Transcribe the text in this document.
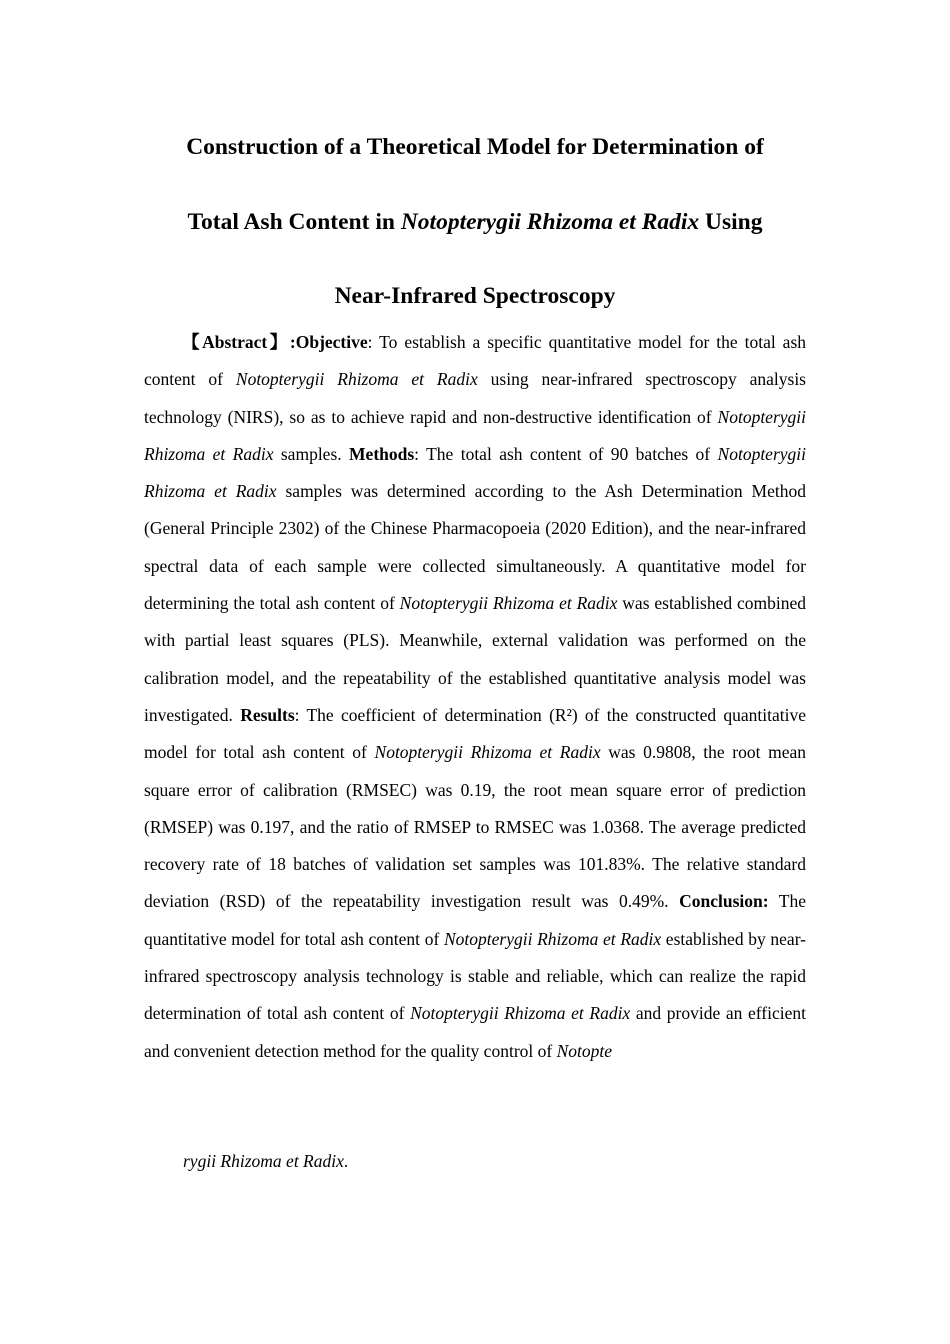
Construction of a Theoretical Model for Determination of
Total Ash Content in Notopterygii Rhizoma et Radix Using
Near-Infrared Spectroscopy

【Abstract】:Objective: To establish a specific quantitative model for the total ash content of Notopterygii Rhizoma et Radix using near-infrared spectroscopy analysis technology (NIRS), so as to achieve rapid and non-destructive identification of Notopterygii Rhizoma et Radix samples. Methods: The total ash content of 90 batches of Notopterygii Rhizoma et Radix samples was determined according to the Ash Determination Method (General Principle 2302) of the Chinese Pharmacopoeia (2020 Edition), and the near-infrared spectral data of each sample were collected simultaneously. A quantitative model for determining the total ash content of Notopterygii Rhizoma et Radix was established combined with partial least squares (PLS). Meanwhile, external validation was performed on the calibration model, and the repeatability of the established quantitative analysis model was investigated. Results: The coefficient of determination (R²) of the constructed quantitative model for total ash content of Notopterygii Rhizoma et Radix was 0.9808, the root mean square error of calibration (RMSEC) was 0.19, the root mean square error of prediction (RMSEP) was 0.197, and the ratio of RMSEP to RMSEC was 1.0368. The average predicted recovery rate of 18 batches of validation set samples was 101.83%. The relative standard deviation (RSD) of the repeatability investigation result was 0.49%. Conclusion: The quantitative model for total ash content of Notopterygii Rhizoma et Radix established by near-infrared spectroscopy analysis technology is stable and reliable, which can realize the rapid determination of total ash content of Notopterygii Rhizoma et Radix and provide an efficient and convenient detection method for the quality control of Notopte

rygii Rhizoma et Radix.
